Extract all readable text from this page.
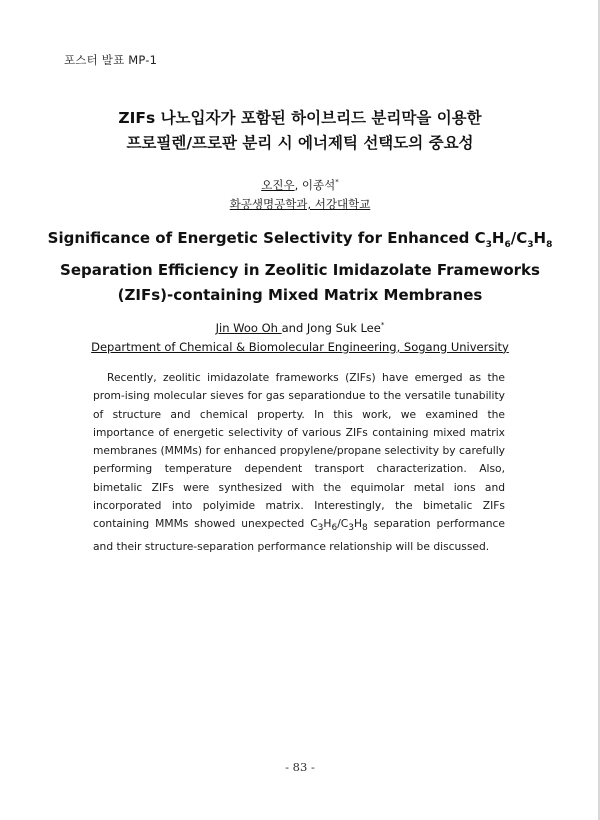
포스터 발표 MP-1
ZIFs 나노입자가 포함된 하이브리드 분리막을 이용한
프로필렌/프로판 분리 시 에너제틱 선택도의 중요성
오진우, 이종석*
화공생명공학과, 서강대학교
Significance of Energetic Selectivity for Enhanced $C_3H_6/C_3H_8$
Separation Efficiency in Zeolitic Imidazolate Frameworks
(ZIFs)-containing Mixed Matrix Membranes
Jin Woo Oh and Jong Suk Lee*
Department of Chemical & Biomolecular Engineering, Sogang University

Recently, zeolitic imidazolate frameworks (ZIFs) have emerged as the prom-ising molecular sieves for gas separationdue to the versatile tunability of structure and chemical property. In this work, we examined the importance of energetic selectivity of various ZIFs containing mixed matrix membranes (MMMs) for enhanced propylene/propane selectivity by carefully performing temperature dependent transport characterization. Also, bimetalic ZIFs were synthesized with the equimolar metal ions and incorporated into polyimide matrix. Interestingly, the bimetalic ZIFs containing MMMs showed unexpected $C_3H_6/C_3H_8$ separation performance and their structure-separation performance relationship will be discussed.

- 83 -
